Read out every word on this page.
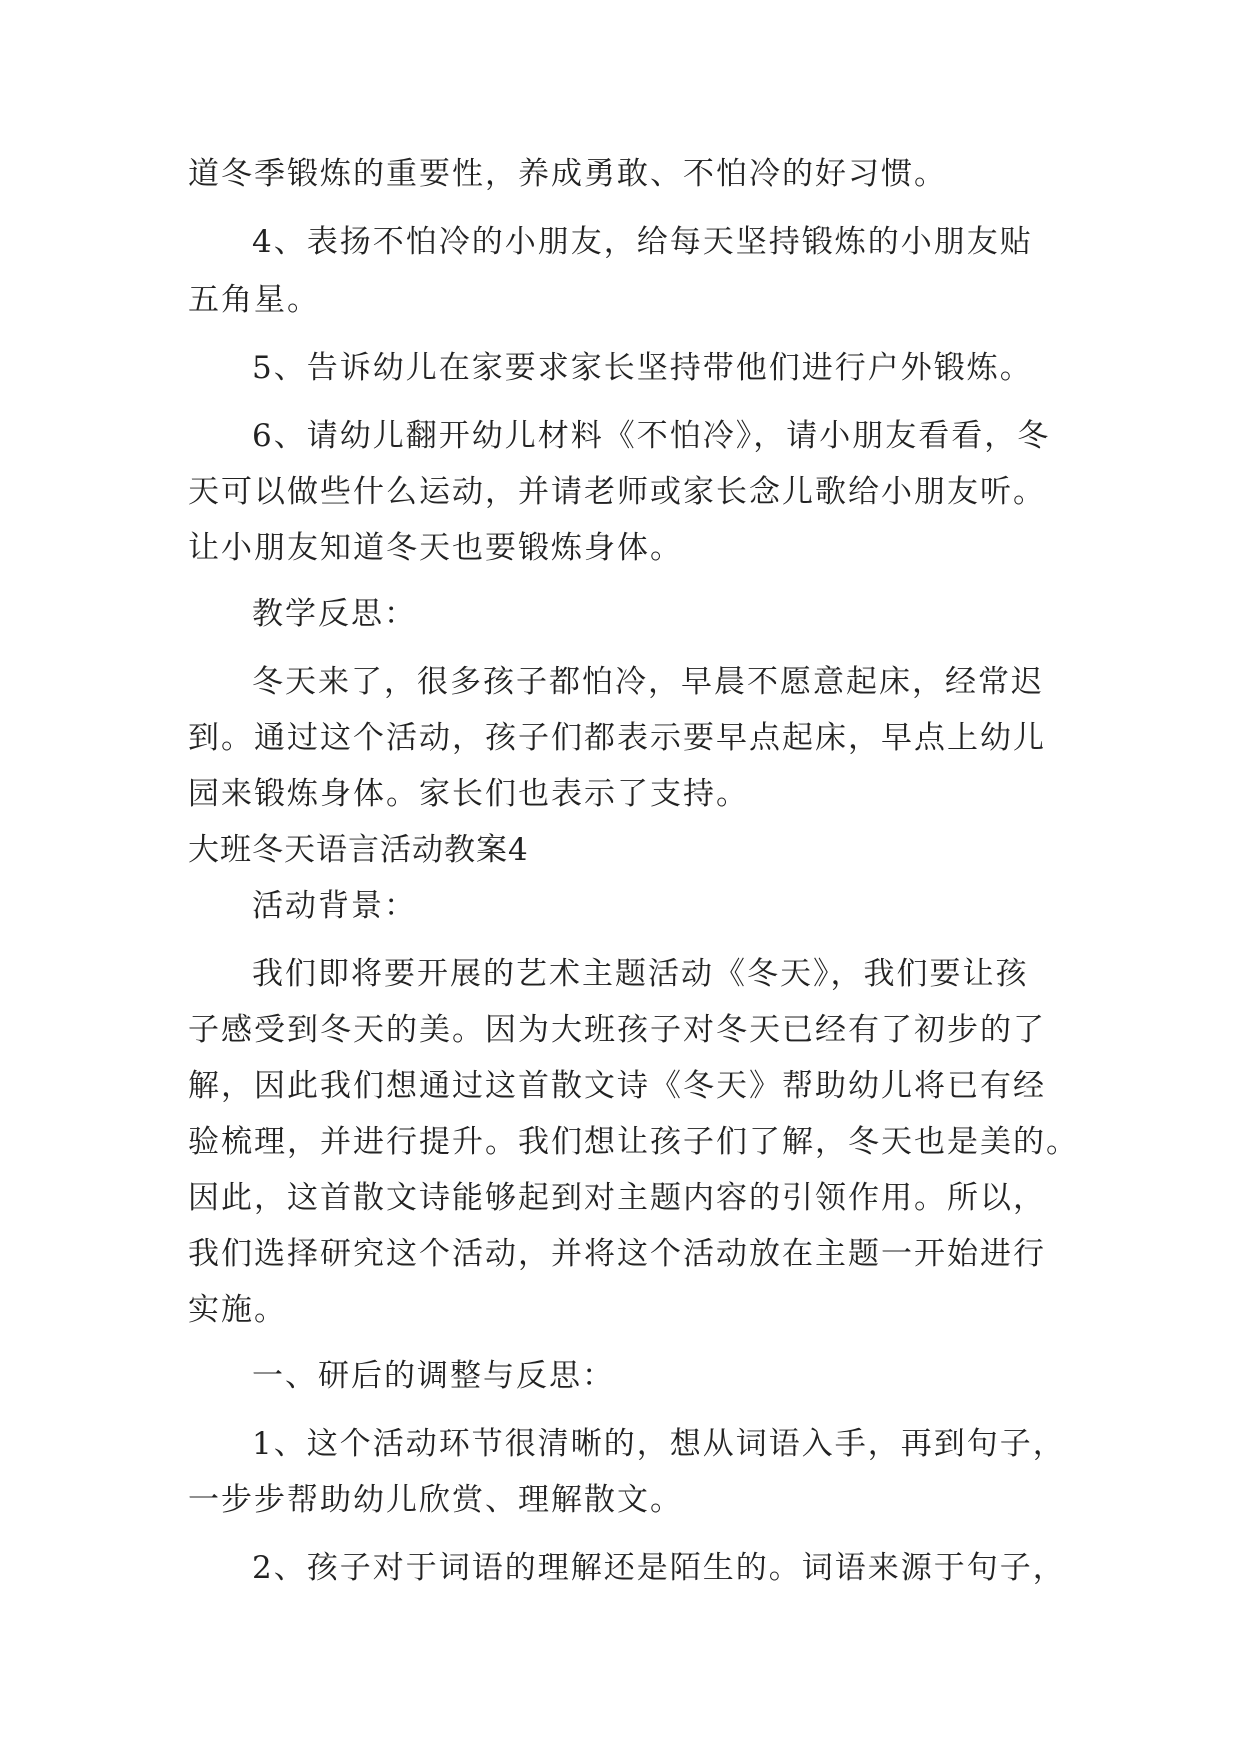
道冬季锻炼的重要性，养成勇敢、不怕冷的好习惯。
4、表扬不怕冷的小朋友，给每天坚持锻炼的小朋友贴
五角星。
5、告诉幼儿在家要求家长坚持带他们进行户外锻炼。
6、请幼儿翻开幼儿材料《不怕冷》，请小朋友看看，冬
天可以做些什么运动，并请老师或家长念儿歌给小朋友听。
让小朋友知道冬天也要锻炼身体。
教学反思：
冬天来了，很多孩子都怕冷，早晨不愿意起床，经常迟
到。通过这个活动，孩子们都表示要早点起床，早点上幼儿
园来锻炼身体。家长们也表示了支持。
大班冬天语言活动教案4
活动背景：
我们即将要开展的艺术主题活动《冬天》，我们要让孩
子感受到冬天的美。因为大班孩子对冬天已经有了初步的了
解，因此我们想通过这首散文诗《冬天》帮助幼儿将已有经
验梳理，并进行提升。我们想让孩子们了解，冬天也是美的。
因此，这首散文诗能够起到对主题内容的引领作用。所以，
我们选择研究这个活动，并将这个活动放在主题一开始进行
实施。
一、研后的调整与反思：
1、这个活动环节很清晰的，想从词语入手，再到句子，
一步步帮助幼儿欣赏、理解散文。
2、孩子对于词语的理解还是陌生的。词语来源于句子，
